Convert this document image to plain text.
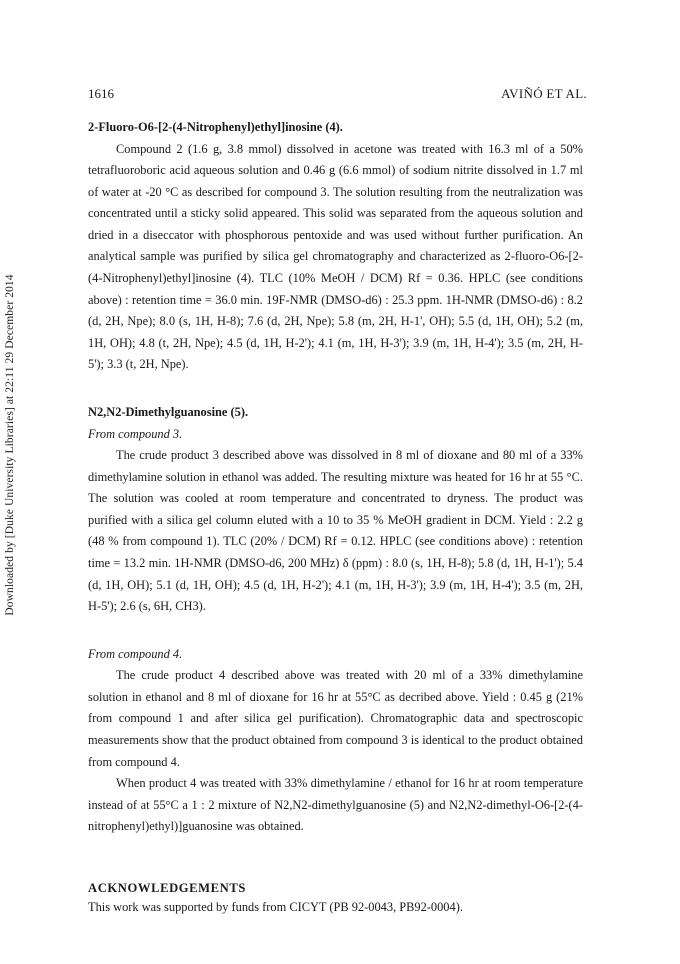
Downloaded by [Duke University Libraries] at 22:11 29 December 2014
1616	AVIÑÓ ET AL.

2-Fluoro-O6-[2-(4-Nitrophenyl)ethyl]inosine (4).

Compound 2 (1.6 g, 3.8 mmol) dissolved in acetone was treated with 16.3 ml of a 50% tetrafluoroboric acid aqueous solution and 0.46 g (6.6 mmol) of sodium nitrite dissolved in 1.7 ml of water at -20 °C as described for compound 3. The solution resulting from the neutralization was concentrated until a sticky solid appeared. This solid was separated from the aqueous solution and dried in a diseccator with phosphorous pentoxide and was used without further purification. An analytical sample was purified by silica gel chromatography and characterized as 2-fluoro-O6-[2-(4-Nitrophenyl)ethyl]inosine (4). TLC (10% MeOH / DCM) Rf = 0.36. HPLC (see conditions above) : retention time = 36.0 min. 19F-NMR (DMSO-d6) : 25.3 ppm. 1H-NMR (DMSO-d6) : 8.2 (d, 2H, Npe); 8.0 (s, 1H, H-8); 7.6 (d, 2H, Npe); 5.8 (m, 2H, H-1', OH); 5.5 (d, 1H, OH); 5.2 (m, 1H, OH); 4.8 (t, 2H, Npe); 4.5 (d, 1H, H-2'); 4.1 (m, 1H, H-3'); 3.9 (m, 1H, H-4'); 3.5 (m, 2H, H-5'); 3.3 (t, 2H, Npe).

N2,N2-Dimethylguanosine (5).

From compound 3.

The crude product 3 described above was dissolved in 8 ml of dioxane and 80 ml of a 33% dimethylamine solution in ethanol was added. The resulting mixture was heated for 16 hr at 55 °C. The solution was cooled at room temperature and concentrated to dryness. The product was purified with a silica gel column eluted with a 10 to 35 % MeOH gradient in DCM. Yield : 2.2 g (48 % from compound 1). TLC (20% / DCM) Rf = 0.12. HPLC (see conditions above) : retention time = 13.2 min. 1H-NMR (DMSO-d6, 200 MHz) δ (ppm) : 8.0 (s, 1H, H-8); 5.8 (d, 1H, H-1'); 5.4 (d, 1H, OH); 5.1 (d, 1H, OH); 4.5 (d, 1H, H-2'); 4.1 (m, 1H, H-3'); 3.9 (m, 1H, H-4'); 3.5 (m, 2H, H-5'); 2.6 (s, 6H, CH3).

From compound 4.

The crude product 4 described above was treated with 20 ml of a 33% dimethylamine solution in ethanol and 8 ml of dioxane for 16 hr at 55°C as decribed above. Yield : 0.45 g (21% from compound 1 and after silica gel purification). Chromatographic data and spectroscopic measurements show that the product obtained from compound 3 is identical to the product obtained from compound 4.

When product 4 was treated with 33% dimethylamine / ethanol for 16 hr at room temperature instead of at 55°C a 1 : 2 mixture of N2,N2-dimethylguanosine (5) and N2,N2-dimethyl-O6-[2-(4-nitrophenyl)ethyl)]guanosine was obtained.

ACKNOWLEDGEMENTS

This work was supported by funds from CICYT (PB 92-0043, PB92-0004).
